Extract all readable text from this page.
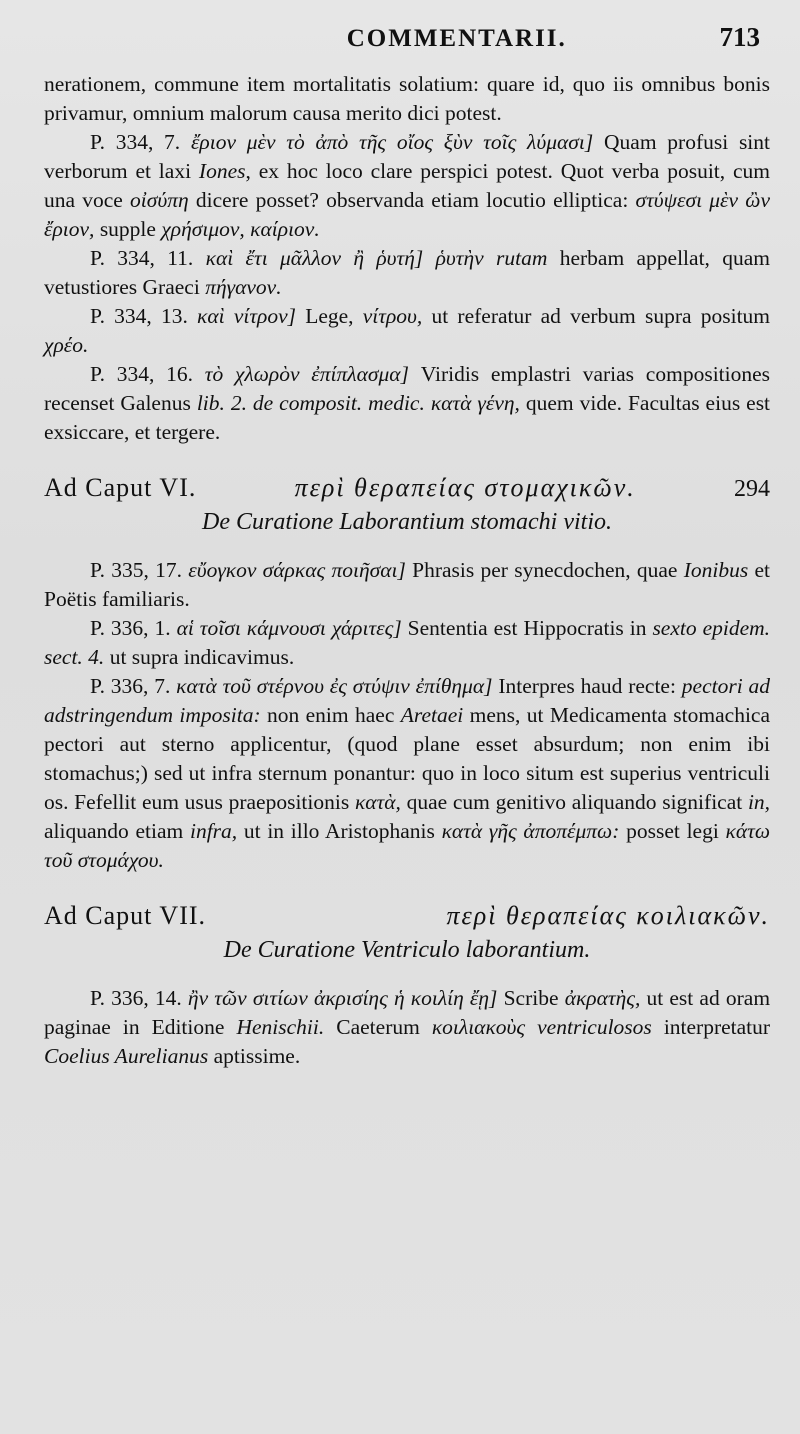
COMMENTARII.	713

nerationem, commune item mortalitatis solatium: quare id, quo iis omnibus bonis privamur, omnium malorum causa merito dici potest.

P. 334, 7. ἔριον μὲν τὸ ἀπὸ τῆς οἴος ξὺν τοῖς λύμασι] Quam profusi sint verborum et laxi Iones, ex hoc loco clare perspici potest. Quot verba posuit, cum una voce οἰσύπη dicere posset? observanda etiam locutio elliptica: στύψεσι μὲν ὢν ἔριον, supple χρήσιμον, καίριον.

P. 334, 11. καὶ ἔτι μᾶλλον ἢ ῥυτή] ῥυτὴν rutam herbam appellat, quam vetustiores Graeci πήγανον.

P. 334, 13. καὶ νίτρον] Lege, νίτρου, ut referatur ad verbum supra positum χρέο.

P. 334, 16. τὸ χλωρὸν ἐπίπλασμα] Viridis emplastri varias compositiones recenset Galenus lib. 2. de composit. medic. κατὰ γένη, quem vide. Facultas eius est exsiccare, et tergere.

Ad Caput VI.	περὶ θεραπείας στομαχικῶν.	294
De Curatione Laborantium stomachi vitio.

P. 335, 17. εὔογκον σάρκας ποιῆσαι] Phrasis per synecdochen, quae Ionibus et Poëtis familiaris.

P. 336, 1. αἱ τοῖσι κάμνουσι χάριτες] Sententia est Hippocratis in sexto epidem. sect. 4. ut supra indicavimus.

P. 336, 7. κατὰ τοῦ στέρνου ἐς στύψιν ἐπίθημα] Interpres haud recte: pectori ad adstringendum imposita: non enim haec Aretaei mens, ut Medicamenta stomachica pectori aut sterno applicentur, (quod plane esset absurdum; non enim ibi stomachus;) sed ut infra sternum ponantur: quo in loco situm est superius ventriculi os. Fefellit eum usus praepositionis κατὰ, quae cum genitivo aliquando significat in, aliquando etiam infra, ut in illo Aristophanis κατὰ γῆς ἀποπέμπω: posset legi κάτω τοῦ στομάχου.

Ad Caput VII.	περὶ θεραπείας κοιλιακῶν.
De Curatione Ventriculo laborantium.

P. 336, 14. ἢν τῶν σιτίων ἀκρισίης ἡ κοιλίη ἔῃ] Scribe ἀκρατὴς, ut est ad oram paginae in Editione Henischii. Caeterum κοιλιακοὺς ventriculosos interpretatur Coelius Aurelianus aptissime.
